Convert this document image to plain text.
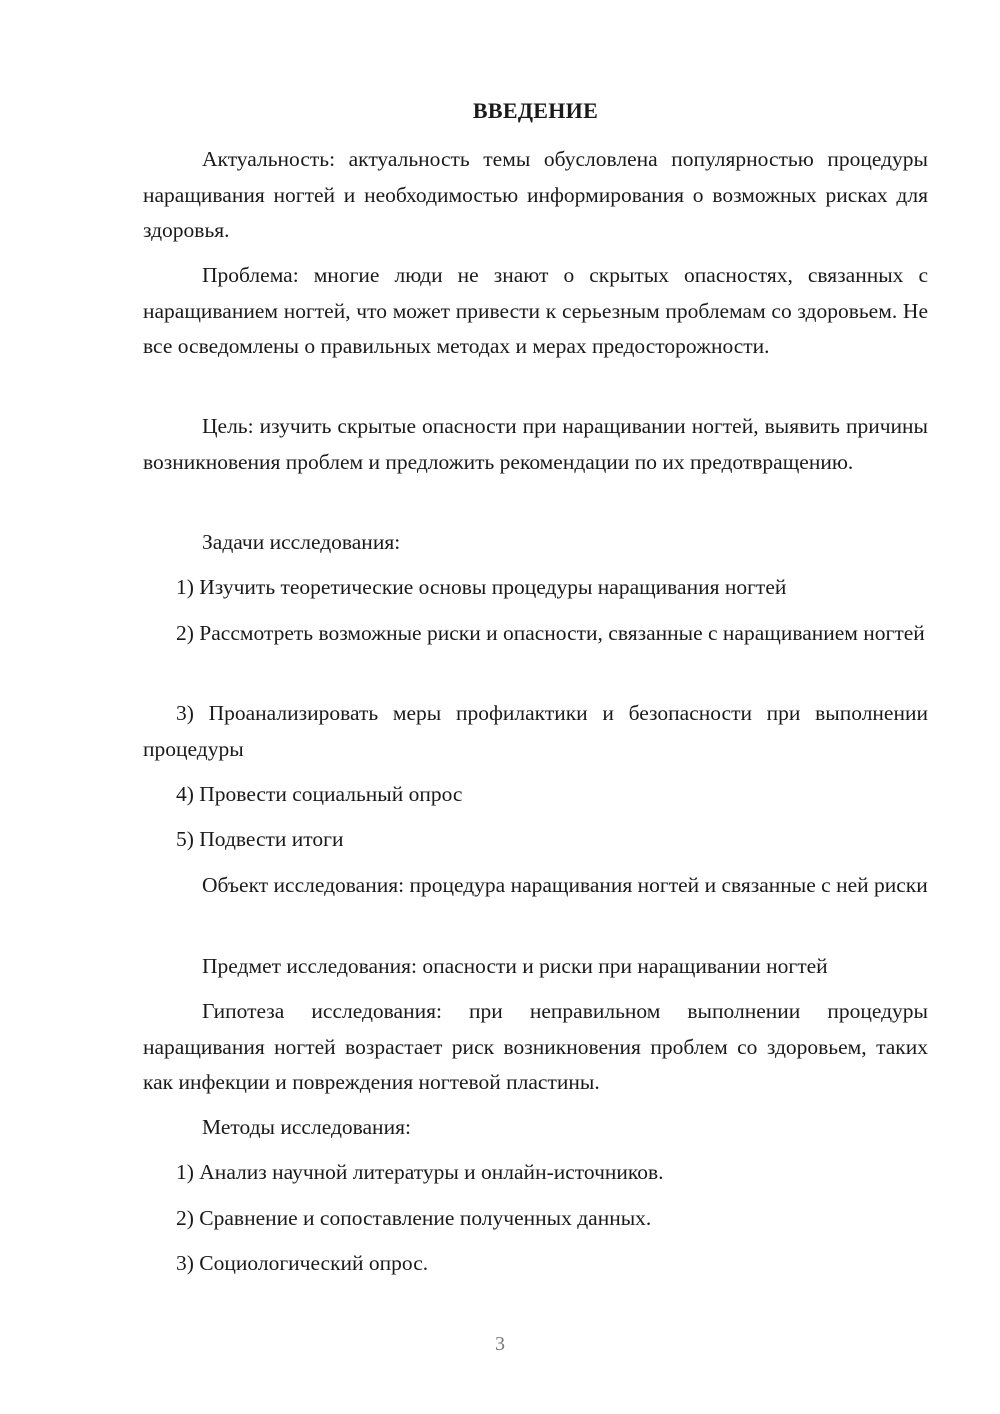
ВВЕДЕНИЕ

Актуальность: актуальность темы обусловлена популярностью процедуры наращивания ногтей и необходимостью информирования о возможных рисках для здоровья.

Проблема: многие люди не знают о скрытых опасностях, связанных с наращиванием ногтей, что может привести к серьезным проблемам со здоровьем. Не все осведомлены о правильных методах и мерах предосторожности.

Цель: изучить скрытые опасности при наращивании ногтей, выявить причины возникновения проблем и предложить рекомендации по их предотвращению.

Задачи исследования:

1) Изучить теоретические основы процедуры наращивания ногтей

2) Рассмотреть возможные риски и опасности, связанные с наращиванием ногтей

3) Проанализировать меры профилактики и безопасности при выполнении процедуры

4) Провести социальный опрос

5) Подвести итоги

Объект исследования: процедура наращивания ногтей и связанные с ней риски

Предмет исследования: опасности и риски при наращивании ногтей

Гипотеза исследования: при неправильном выполнении процедуры наращивания ногтей возрастает риск возникновения проблем со здоровьем, таких как инфекции и повреждения ногтевой пластины.

Методы исследования:

1) Анализ научной литературы и онлайн-источников.

2) Сравнение и сопоставление полученных данных.

3) Социологический опрос.

3
